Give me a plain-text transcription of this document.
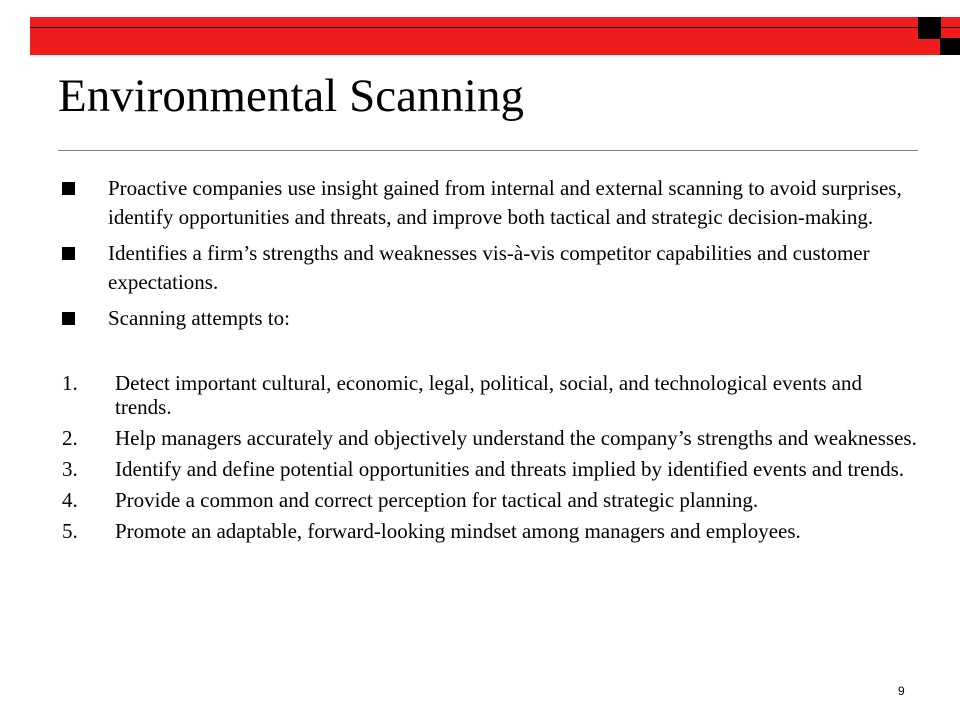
Environmental Scanning
Proactive companies use insight gained from internal and external scanning to avoid surprises, identify opportunities and threats, and improve both tactical and strategic decision-making.
Identifies a firm’s strengths and weaknesses vis-à-vis competitor capabilities and customer expectations.
Scanning attempts to:
1. Detect important cultural, economic, legal, political, social, and technological events and trends.
2. Help managers accurately and objectively understand the company’s strengths and weaknesses.
3. Identify and define potential opportunities and threats implied by identified events and trends.
4. Provide a common and correct perception for tactical and strategic planning.
5. Promote an adaptable, forward-looking mindset among managers and employees.
9
